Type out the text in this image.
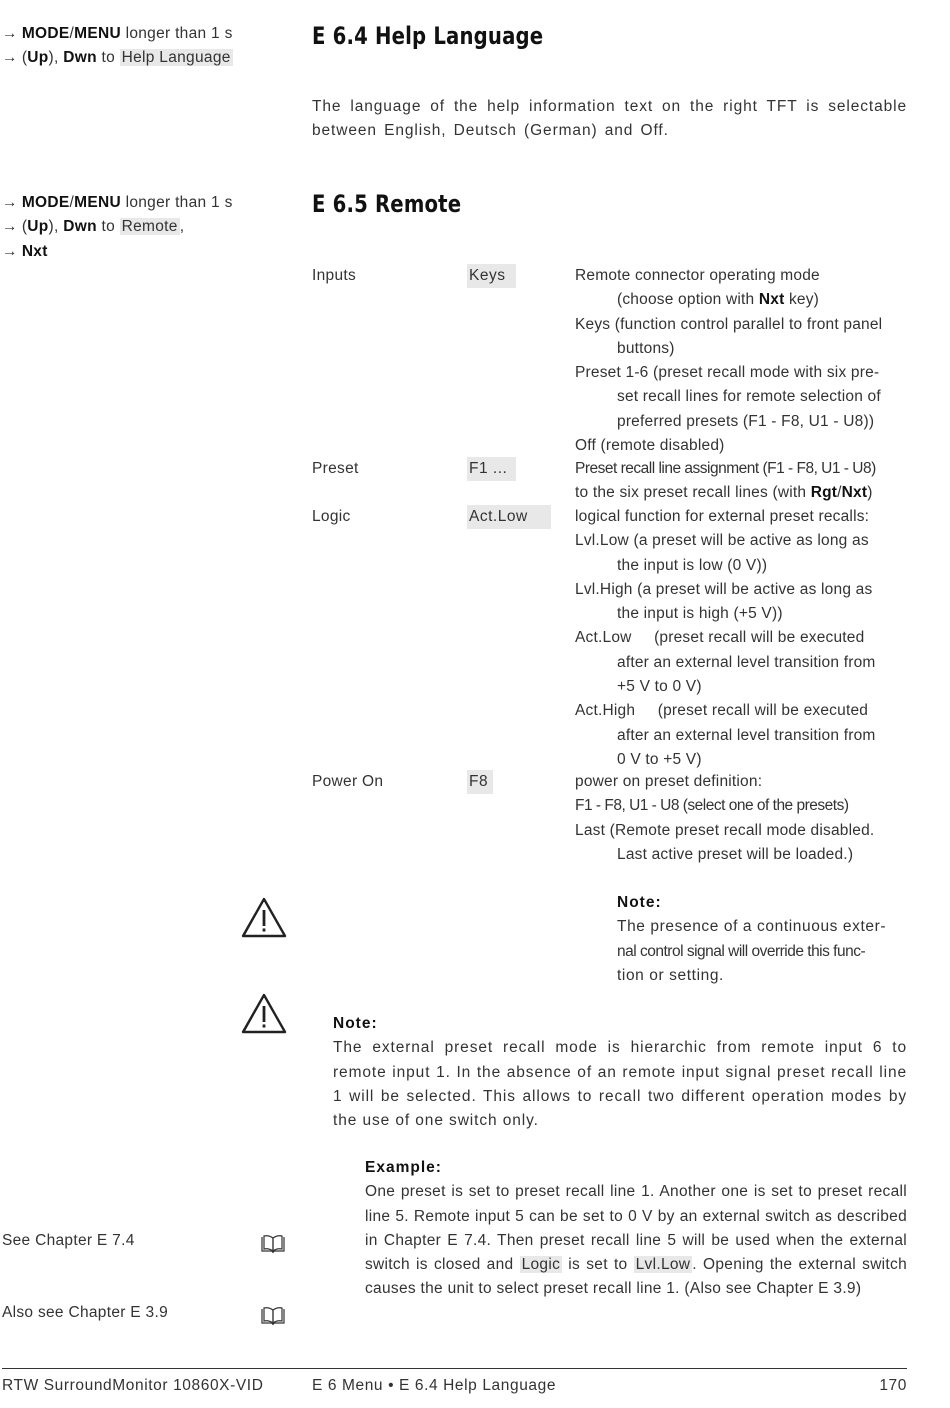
→ MODE/MENU longer than 1 s
→ (Up), Dwn to Help Language
E 6.4 Help Language
The language of the help information text on the right TFT is selectable between English, Deutsch (German) and Off.
→ MODE/MENU longer than 1 s
→ (Up), Dwn to Remote ,
→ Nxt
E 6.5 Remote
Inputs	Keys	Remote connector operating mode
(choose option with Nxt key)
Keys (function control parallel to front panel
buttons)
Preset 1-6 (preset recall mode with six pre-
set recall lines for remote selection of
preferred presets (F1 - F8, U1 - U8))
Off (remote disabled)
Preset	F1 ...	Preset recall line assignment (F1 - F8, U1 - U8)
to the six preset recall lines (with Rgt/Nxt)
Logic	Act.Low	logical function for external preset recalls:
Lvl.Low (a preset will be active as long as
the input is low (0 V))
Lvl.High (a preset will be active as long as
the input is high (+5 V))
Act.Low     (preset recall will be executed
after an external level transition from
+5 V to 0 V)
Act.High     (preset recall will be executed
after an external level transition from
0 V to +5 V)
Power On	F8	power on preset definition:
F1 - F8, U1 - U8 (select one of the presets)
Last (Remote preset recall mode disabled.
Last active preset will be loaded.)
Note:
The presence of a continuous exter-
nal control signal will override this func-
tion or setting.
Note:
The external preset recall mode is hierarchic from remote input 6 to remote input 1. In the absence of an remote input signal preset recall line 1 will be selected. This allows to recall two different operation modes by the use of one switch only.
Example:
One preset is set to preset recall line 1. Another one is set to preset recall line 5. Remote input 5 can be set to 0 V by an external switch as described in Chapter E 7.4. Then preset recall line 5 will be used when the external switch is closed and Logic is set to Lvl.Low . Opening the external switch causes the unit to select preset recall line 1. (Also see Chapter E 3.9)
See Chapter E 7.4
Also see Chapter E 3.9
RTW SurroundMonitor 10860X-VID	E 6 Menu • E 6.4 Help Language	170
